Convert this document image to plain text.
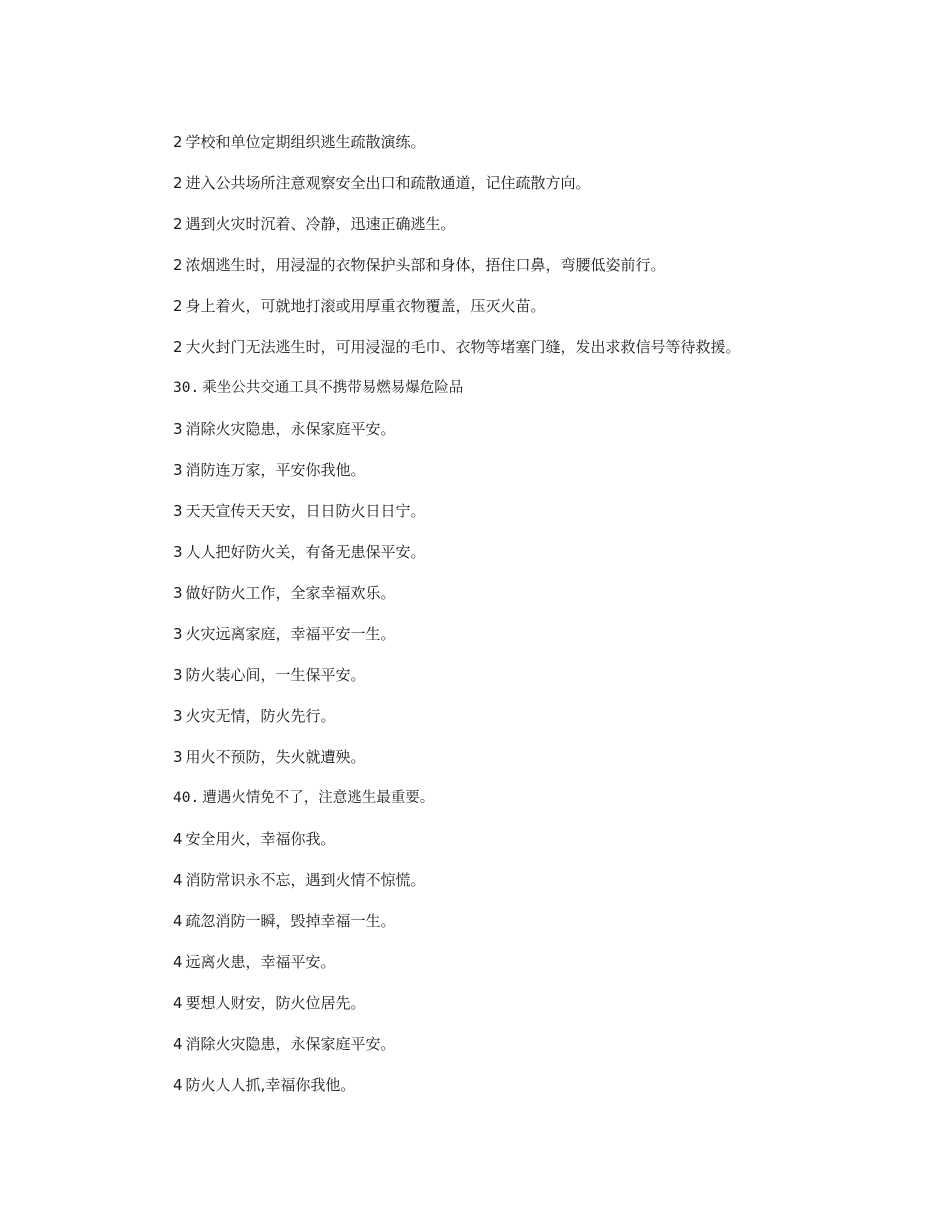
2 学校和单位定期组织逃生疏散演练。
2 进入公共场所注意观察安全出口和疏散通道，记住疏散方向。
2 遇到火灾时沉着、冷静，迅速正确逃生。
2 浓烟逃生时，用浸湿的衣物保护头部和身体，捂住口鼻，弯腰低姿前行。
2 身上着火，可就地打滚或用厚重衣物覆盖，压灭火苗。
2 大火封门无法逃生时，可用浸湿的毛巾、衣物等堵塞门缝，发出求救信号等待救援。
30. 乘坐公共交通工具不携带易燃易爆危险品
3 消除火灾隐患，永保家庭平安。
3 消防连万家，平安你我他。
3 天天宣传天天安，日日防火日日宁。
3 人人把好防火关，有备无患保平安。
3 做好防火工作，全家幸福欢乐。
3 火灾远离家庭，幸福平安一生。
3 防火装心间，一生保平安。
3 火灾无情，防火先行。
3 用火不预防，失火就遭殃。
40. 遭遇火情免不了，注意逃生最重要。
4 安全用火，幸福你我。
4 消防常识永不忘，遇到火情不惊慌。
4 疏忽消防一瞬，毁掉幸福一生。
4 远离火患，幸福平安。
4 要想人财安，防火位居先。
4 消除火灾隐患，永保家庭平安。
4 防火人人抓,幸福你我他。
